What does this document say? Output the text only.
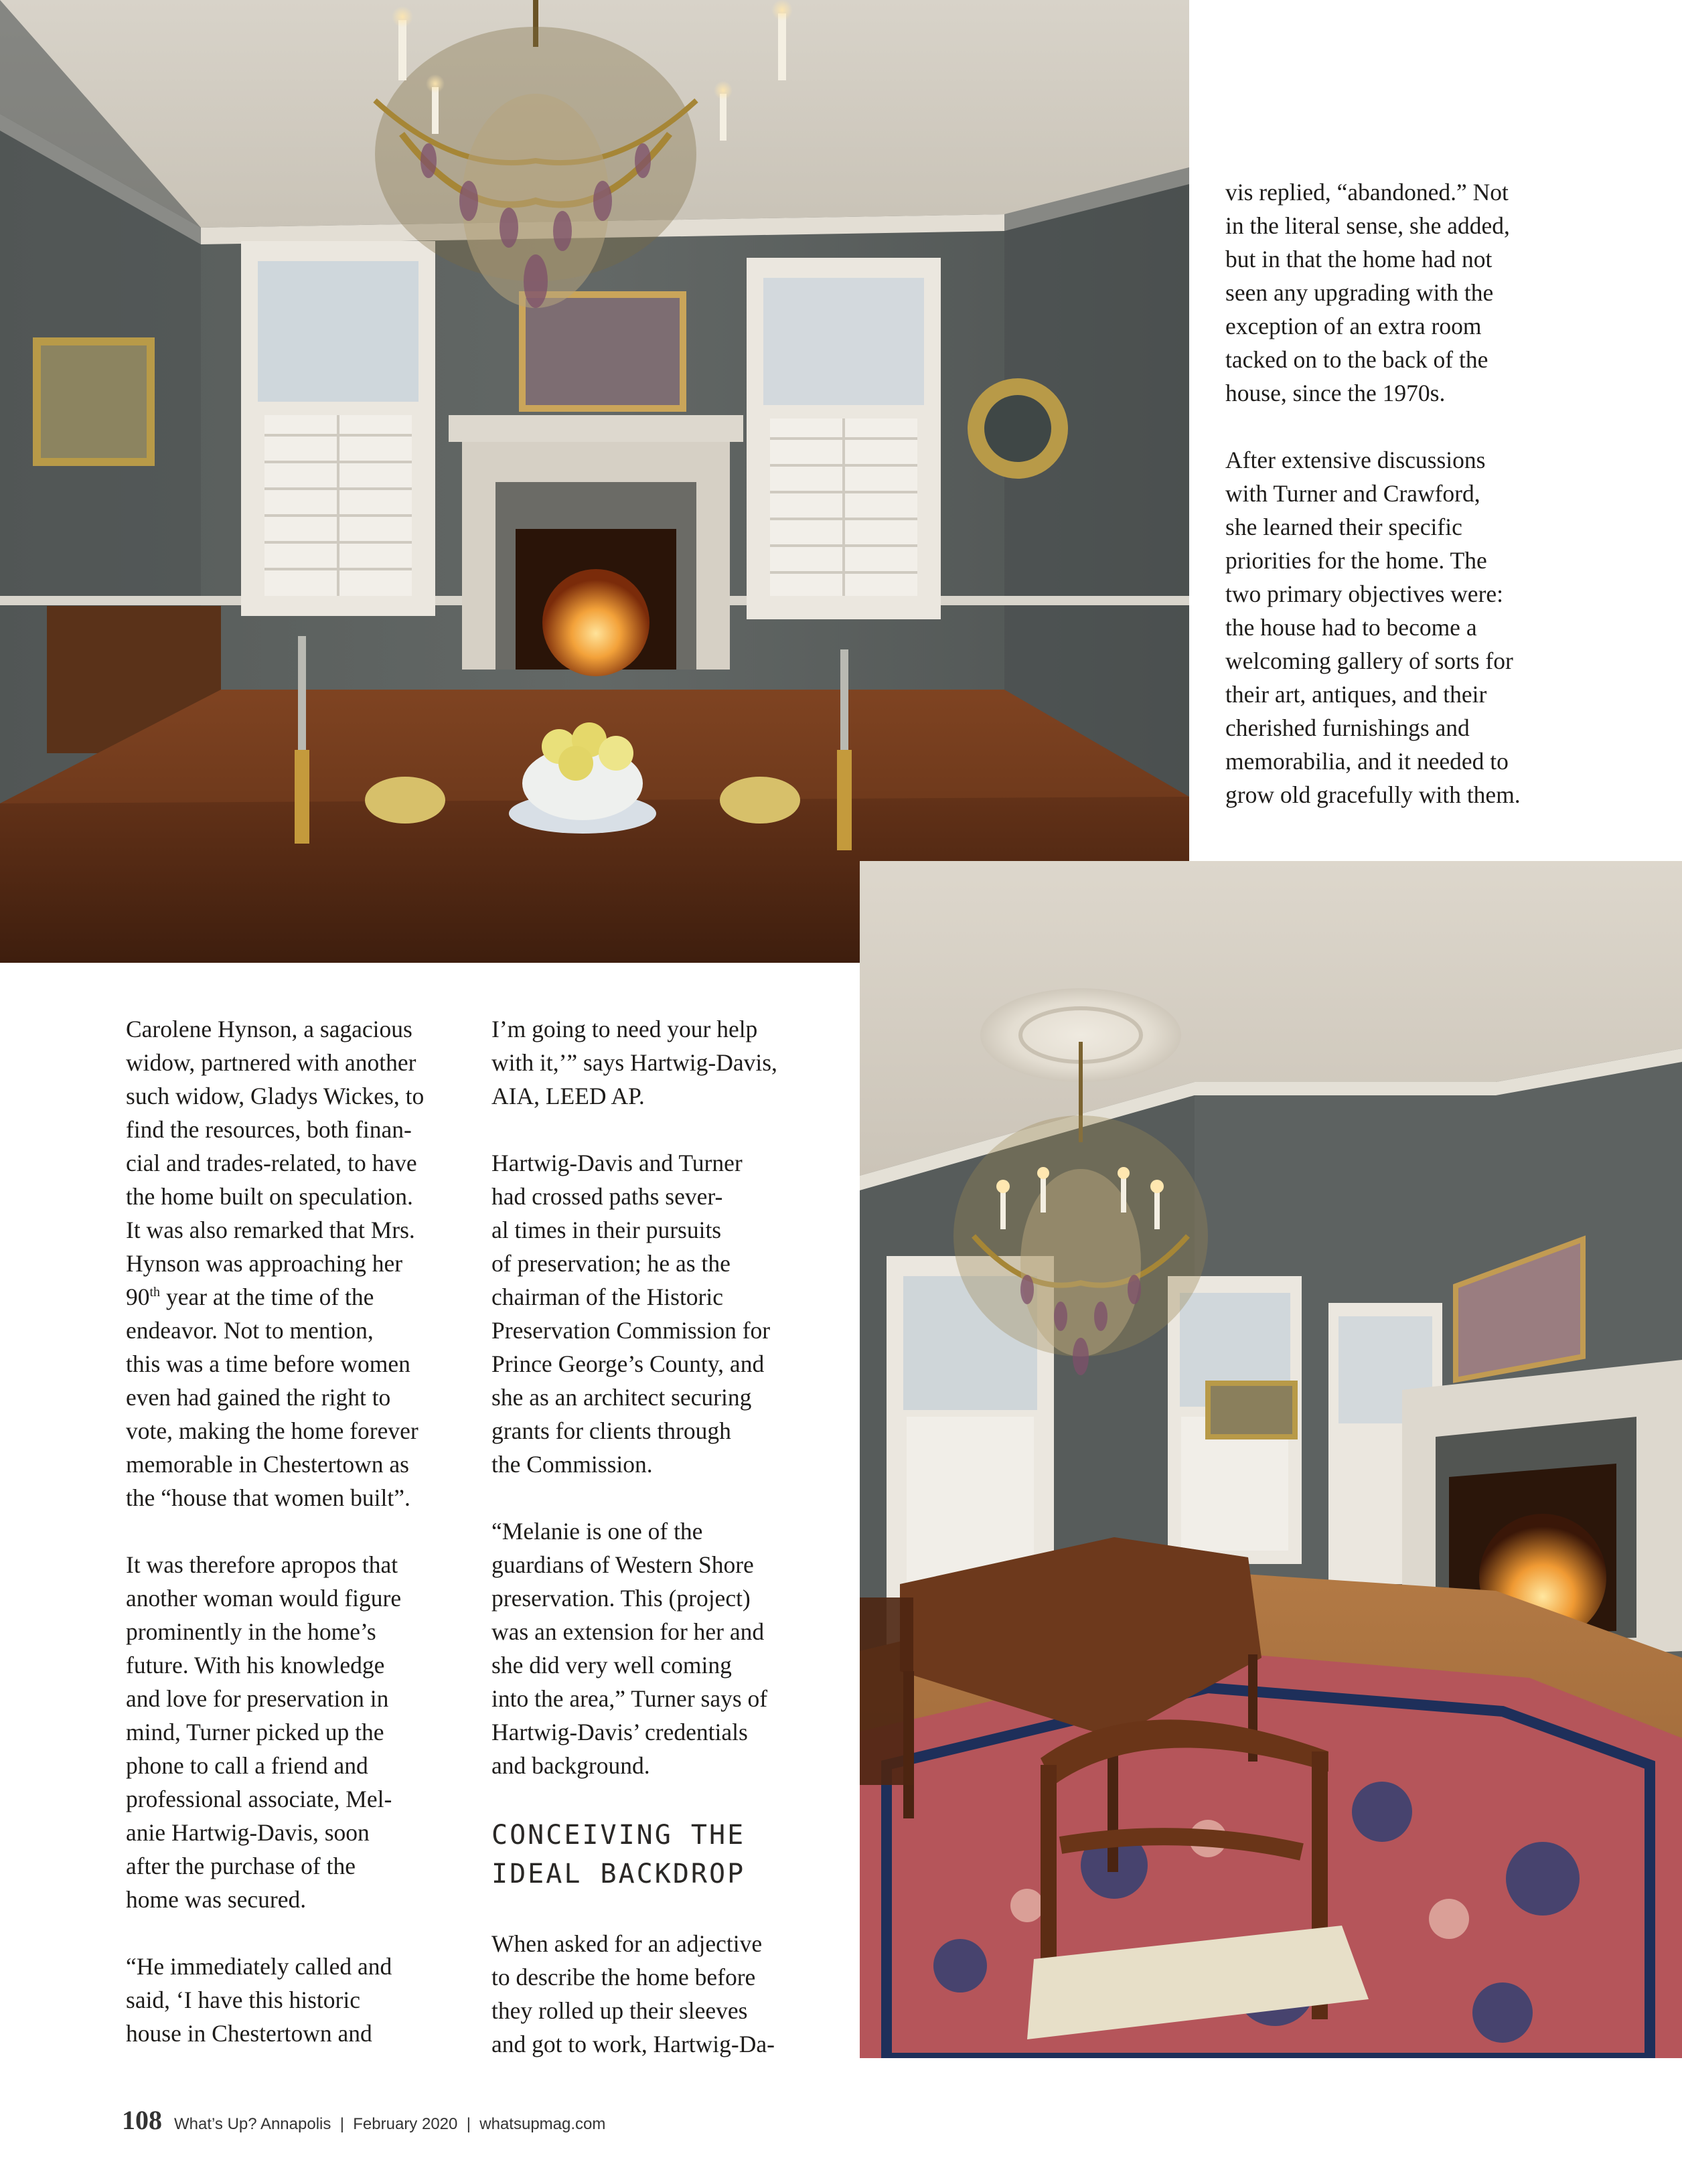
vis replied, “abandoned.” Not
in the literal sense, she added,
but in that the home had not
seen any upgrading with the
exception of an extra room
tacked on to the back of the
house, since the 1970s.

After extensive discussions
with Turner and Crawford,
she learned their specific
priorities for the home. The
two primary objectives were:
the house had to become a
welcoming gallery of sorts for
their art, antiques, and their
cherished furnishings and
memorabilia, and it needed to
grow old gracefully with them.

Carolene Hynson, a sagacious
widow, partnered with another
such widow, Gladys Wickes, to
find the resources, both finan-
cial and trades-related, to have
the home built on speculation.
It was also remarked that Mrs.
Hynson was approaching her

90th year at the time of the
endeavor. Not to mention,
this was a time before women
even had gained the right to
vote, making the home forever
memorable in Chestertown as
the “house that women built”.

It was therefore apropos that
another woman would figure
prominently in the home’s
future. With his knowledge
and love for preservation in
mind, Turner picked up the
phone to call a friend and
professional associate, Mel-
anie Hartwig-Davis, soon
after the purchase of the
home was secured.

“He immediately called and
said, ‘I have this historic
house in Chestertown and

I’m going to need your help
with it,’” says Hartwig-Davis,
AIA, LEED AP.

Hartwig-Davis and Turner
had crossed paths sever-
al times in their pursuits
of preservation; he as the
chairman of the Historic
Preservation Commission for
Prince George’s County, and
she as an architect securing
grants for clients through
the Commission.

“Melanie is one of the
guardians of Western Shore
preservation. This (project)
was an extension for her and
she did very well coming
into the area,” Turner says of
Hartwig-Davis’ credentials
and background.

CONCEIVING THE
IDEAL BACKDROP

When asked for an adjective
to describe the home before
they rolled up their sleeves
and got to work, Hartwig-Da-

108 What’s Up? Annapolis  |  February 2020  |  whatsupmag.com
